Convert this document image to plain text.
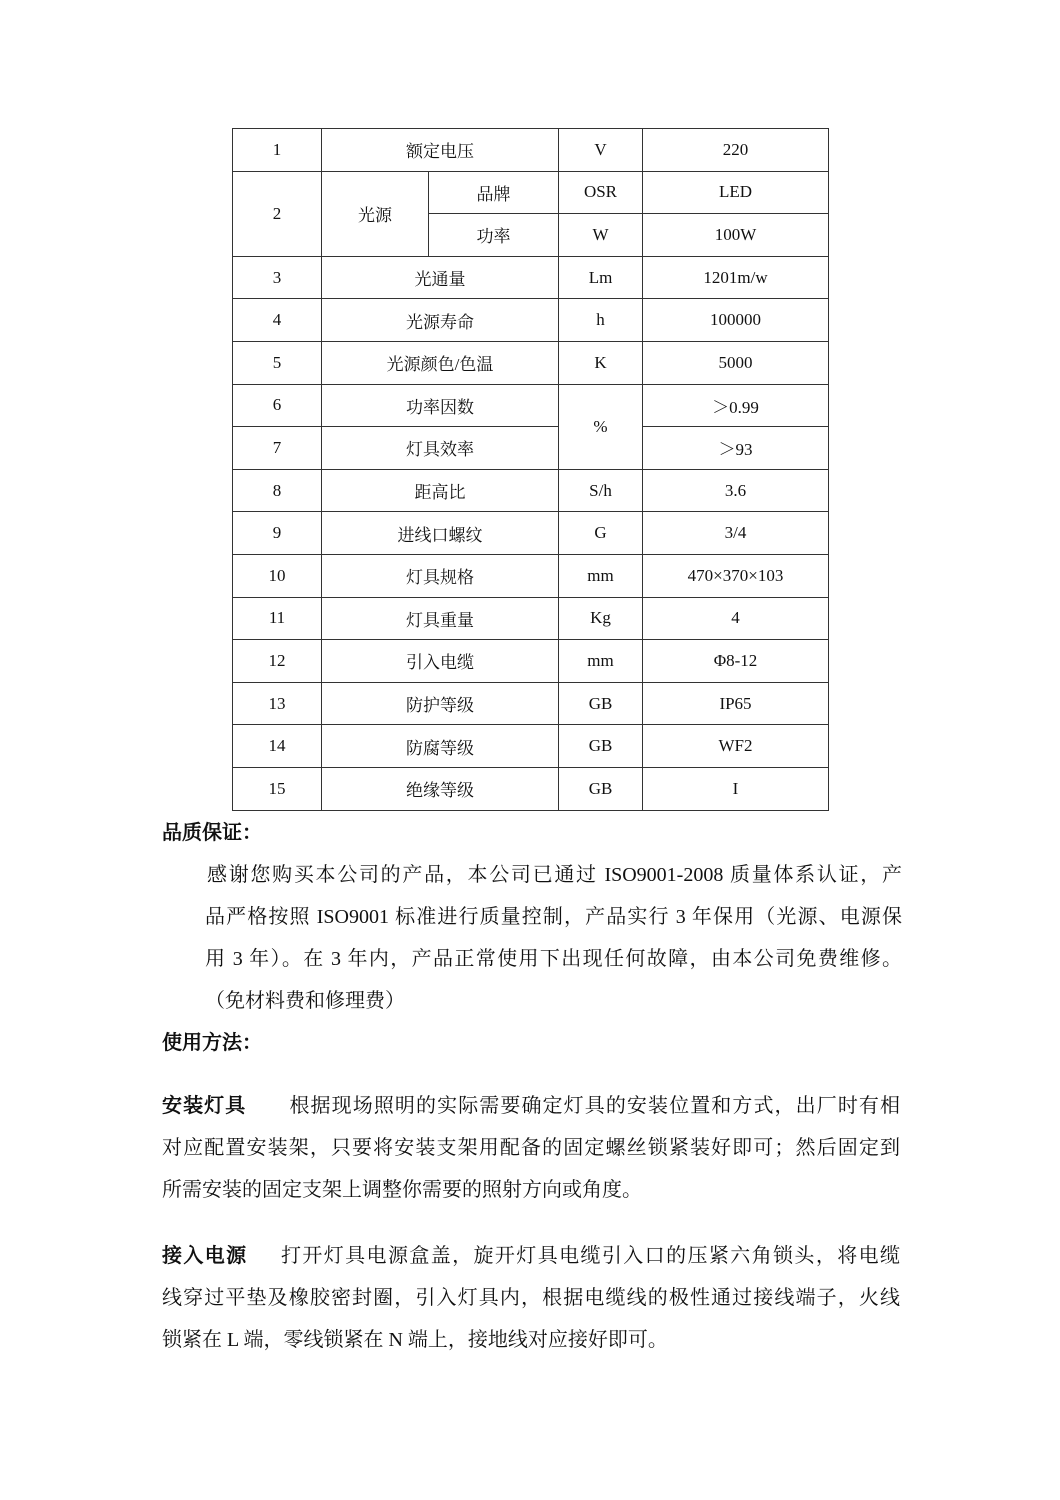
1	额定电压		V	220
2	光源	品牌	OSR	LED
		功率	W	100W
3	光通量		Lm	1201m/w
4	光源寿命		h	100000
5	光源颜色/色温		K	5000
6	功率因数		%	＞0.99
7	灯具效率			＞93
8	距高比		S/h	3.6
9	进线口螺纹		G	3/4
10	灯具规格		mm	470×370×103
11	灯具重量		Kg	4
12	引入电缆		mm	Φ8-12
13	防护等级		GB	IP65
14	防腐等级		GB	WF2
15	绝缘等级		GB	I
品质保证：
感谢您购买本公司的产品，本公司已通过 ISO9001-2008 质量体系认证，产
品严格按照 ISO9001 标准进行质量控制，产品实行 3 年保用（光源、电源保
用 3 年）。在 3 年内，产品正常使用下出现任何故障，由本公司免费维修。
（免材料费和修理费）
使用方法：
安装灯具 根据现场照明的实际需要确定灯具的安装位置和方式，出厂时有相
对应配置安装架，只要将安装支架用配备的固定螺丝锁紧装好即可；然后固定到
所需安装的固定支架上调整你需要的照射方向或角度。
接入电源 打开灯具电源盒盖，旋开灯具电缆引入口的压紧六角锁头，将电缆
线穿过平垫及橡胶密封圈，引入灯具内，根据电缆线的极性通过接线端子，火线
锁紧在 L 端，零线锁紧在 N 端上，接地线对应接好即可。
